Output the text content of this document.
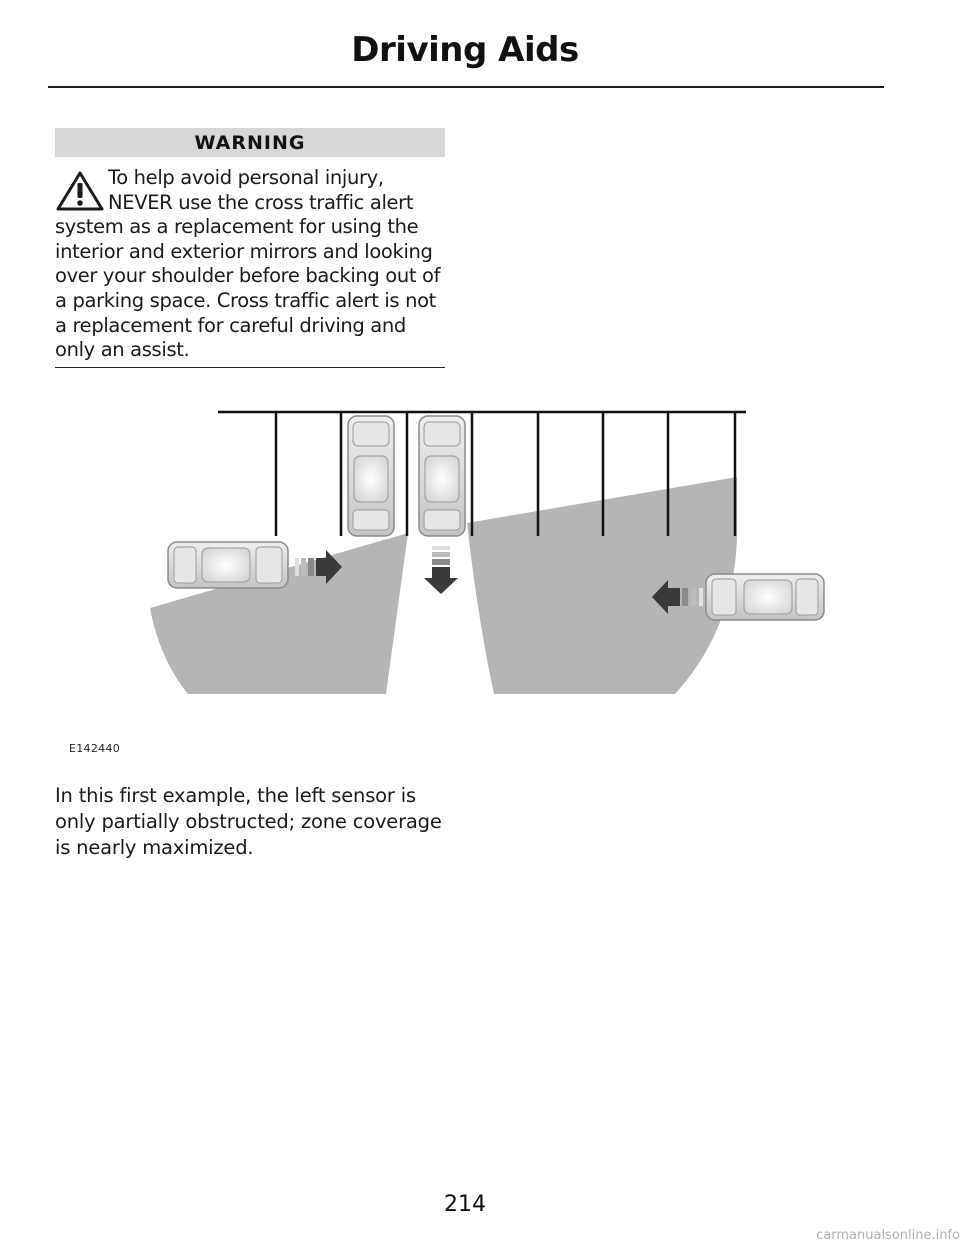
Driving Aids
WARNING

To help avoid personal injury, NEVER use the cross traffic alert system as a replacement for using the interior and exterior mirrors and looking over your shoulder before backing out of a parking space. Cross traffic alert is not a replacement for careful driving and only an assist.

E142440

In this first example, the left sensor is only partially obstructed; zone coverage is nearly maximized.

214
carmanualsonline.info
